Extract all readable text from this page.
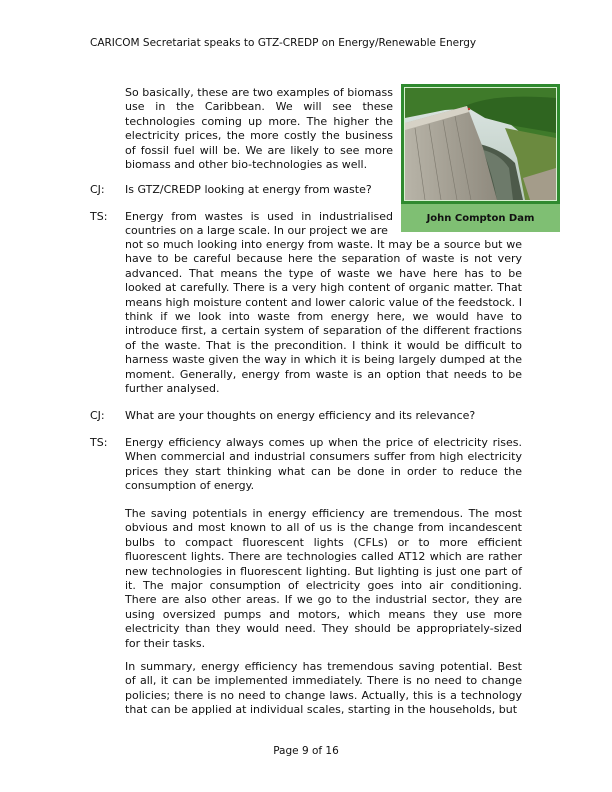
CARICOM Secretariat speaks to GTZ-CREDP on Energy/Renewable Energy

So basically, these are two examples of biomass use in the Caribbean. We will see these technologies coming up more. The higher the electricity prices, the more costly the business of fossil fuel will be. We are likely to see more biomass and other bio-technologies as well.

John Compton Dam
CJ: Is GTZ/CREDP looking at energy from waste?
TS: Energy from wastes is used in industrialised
countries on a large scale. In our project we are

not so much looking into energy from waste. It may be a source but we have to be careful because here the separation of waste is not very advanced. That means the type of waste we have here has to be looked at carefully. There is a very high content of organic matter. That means high moisture content and lower caloric value of the feedstock. I think if we look into waste from energy here, we would have to introduce first, a certain system of separation of the different fractions of the waste. That is the precondition. I think it would be difficult to harness waste given the way in which it is being largely dumped at the moment. Generally, energy from waste is an option that needs to be further analysed.

CJ: What are your thoughts on energy efficiency and its relevance?
TS: Energy efficiency always comes up when the price of electricity rises. When commercial and industrial consumers suffer from high electricity prices they start thinking what can be done in order to reduce the consumption of energy.

The saving potentials in energy efficiency are tremendous. The most obvious and most known to all of us is the change from incandescent bulbs to compact fluorescent lights (CFLs) or to more efficient fluorescent lights. There are technologies called AT12 which are rather new technologies in fluorescent lighting. But lighting is just one part of it. The major consumption of electricity goes into air conditioning. There are also other areas. If we go to the industrial sector, they are using oversized pumps and motors, which means they use more electricity than they would need. They should be appropriately-sized for their tasks.

In summary, energy efficiency has tremendous saving potential. Best of all, it can be implemented immediately. There is no need to change policies; there is no need to change laws. Actually, this is a technology that can be applied at individual scales, starting in the households, but

Page 9 of 16
